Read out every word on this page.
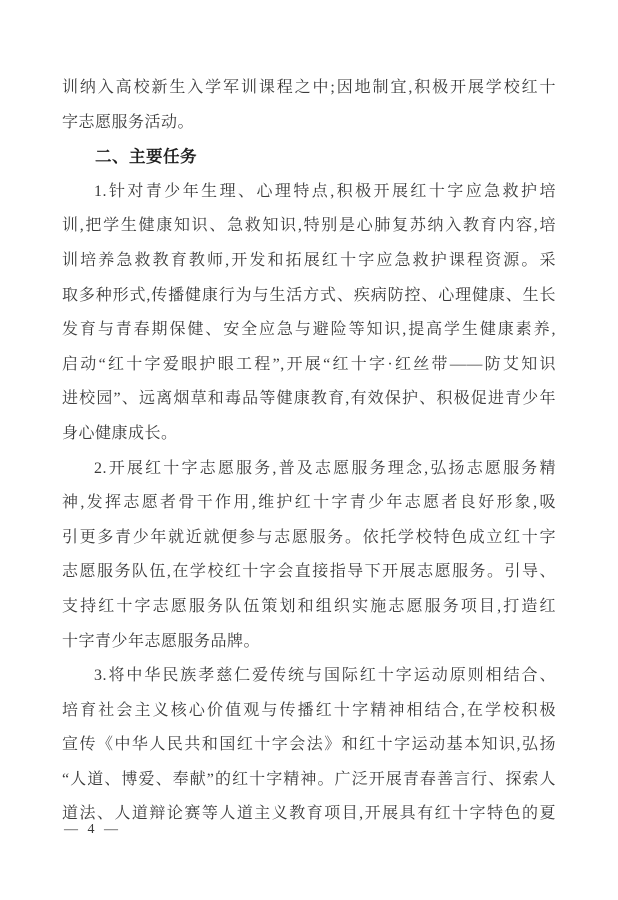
训纳入高校新生入学军训课程之中;因地制宜,积极开展学校红十
字志愿服务活动。
二、主要任务
1.针对青少年生理、心理特点,积极开展红十字应急救护培
训,把学生健康知识、急救知识,特别是心肺复苏纳入教育内容,培
训培养急救教育教师,开发和拓展红十字应急救护课程资源。采
取多种形式,传播健康行为与生活方式、疾病防控、心理健康、生长
发育与青春期保健、安全应急与避险等知识,提高学生健康素养,
启动“红十字爱眼护眼工程”,开展“红十字·红丝带——防艾知识
进校园”、远离烟草和毒品等健康教育,有效保护、积极促进青少年
身心健康成长。
2.开展红十字志愿服务,普及志愿服务理念,弘扬志愿服务精
神,发挥志愿者骨干作用,维护红十字青少年志愿者良好形象,吸
引更多青少年就近就便参与志愿服务。依托学校特色成立红十字
志愿服务队伍,在学校红十字会直接指导下开展志愿服务。引导、
支持红十字志愿服务队伍策划和组织实施志愿服务项目,打造红
十字青少年志愿服务品牌。
3.将中华民族孝慈仁爱传统与国际红十字运动原则相结合、
培育社会主义核心价值观与传播红十字精神相结合,在学校积极
宣传《中华人民共和国红十字会法》和红十字运动基本知识,弘扬
“人道、博爱、奉献”的红十字精神。广泛开展青春善言行、探索人
道法、人道辩论赛等人道主义教育项目,开展具有红十字特色的夏
— 4 —
